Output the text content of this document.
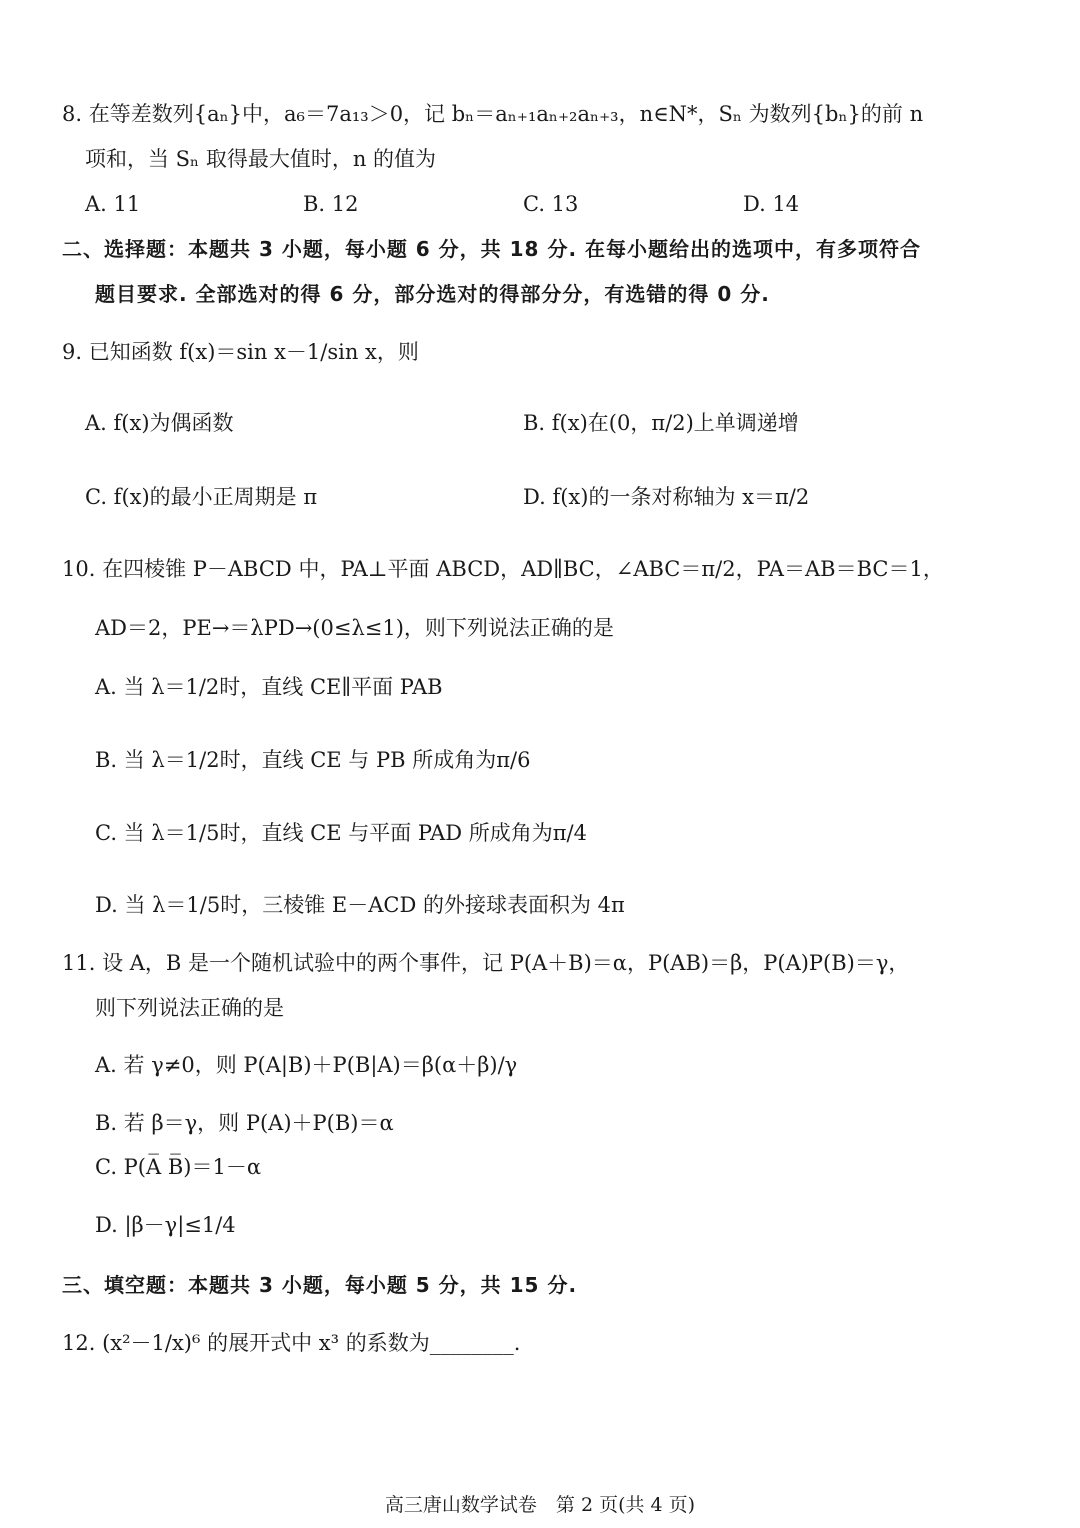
8. 在等差数列{aₙ}中，a₆＝7a₁₃＞0，记 bₙ＝aₙ₊₁aₙ₊₂aₙ₊₃，n∈N*，Sₙ 为数列{bₙ}的前 n
项和，当 Sₙ 取得最大值时，n 的值为
A. 11	B. 12	C. 13	D. 14
二、选择题：本题共 3 小题，每小题 6 分，共 18 分. 在每小题给出的选项中，有多项符合
题目要求. 全部选对的得 6 分，部分选对的得部分分，有选错的得 0 分.
9. 已知函数 f(x)＝sin x－1/sin x，则
A. f(x)为偶函数	B. f(x)在(0，π/2)上单调递增
C. f(x)的最小正周期是 π	D. f(x)的一条对称轴为 x＝π/2
10. 在四棱锥 P－ABCD 中，PA⊥平面 ABCD，AD∥BC，∠ABC＝π/2，PA＝AB＝BC＝1，
AD＝2，PE→＝λPD→(0≤λ≤1)，则下列说法正确的是
A. 当 λ＝1/2时，直线 CE∥平面 PAB
B. 当 λ＝1/2时，直线 CE 与 PB 所成角为π/6
C. 当 λ＝1/5时，直线 CE 与平面 PAD 所成角为π/4
D. 当 λ＝1/5时，三棱锥 E－ACD 的外接球表面积为 4π
11. 设 A，B 是一个随机试验中的两个事件，记 P(A＋B)＝α，P(AB)＝β，P(A)P(B)＝γ，
则下列说法正确的是
A. 若 γ≠0，则 P(A|B)＋P(B|A)＝β(α＋β)/γ
B. 若 β＝γ，则 P(A)＋P(B)＝α
C. P(A̅ B̅)＝1－α
D. |β－γ|≤1/4
三、填空题：本题共 3 小题，每小题 5 分，共 15 分.
12. (x²－1/x)⁶ 的展开式中 x³ 的系数为________.
高三唐山数学试卷　第 2 页(共 4 页)
